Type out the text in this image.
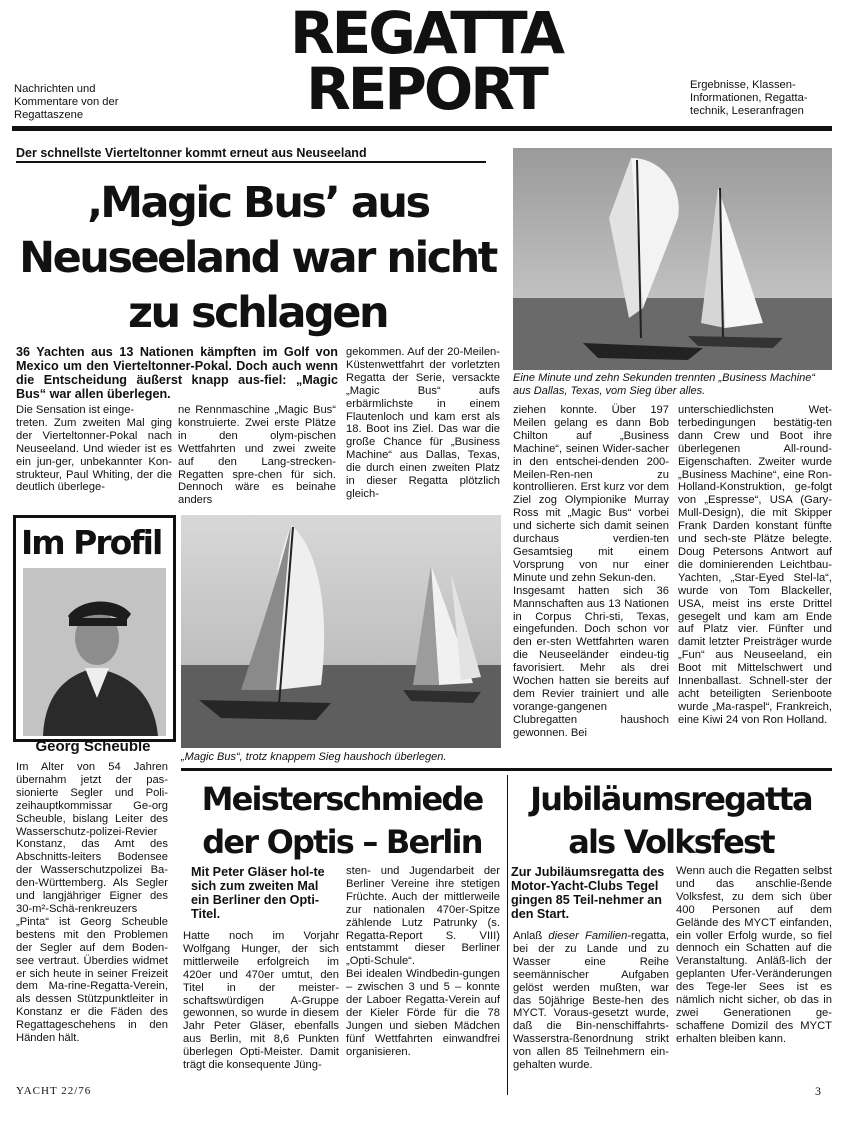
REGATTA
REPORT
Nachrichten und
Kommentare von der
Regattaszene
Ergebnisse, Klassen-
Informationen, Regatta-
technik, Leseranfragen
Der schnellste Vierteltonner kommt erneut aus Neuseeland
‚Magic Bus’ aus
Neuseeland war nicht
zu schlagen
36 Yachten aus 13 Nationen kämpften im Golf von Mexico um den Vierteltonner-Pokal. Doch auch wenn die Entscheidung äußerst knapp aus-fiel: „Magic Bus“ war allen überlegen.
Die Sensation ist einge-
treten. Zum zweiten Mal ging der Vierteltonner-Pokal nach Neuseeland. Und wieder ist es ein jun-ger, unbekannter Kon-strukteur, Paul Whiting, der die deutlich überlege-
ne Rennmaschine „Magic Bus“ konstruierte. Zwei erste Plätze in den olym-pischen Wettfahrten und zwei zweite auf den Lang-strecken-Regatten spre-chen für sich. Dennoch wäre es beinahe anders
gekommen. Auf der 20-Meilen-Küstenwettfahrt der vorletzten Regatta der Serie, versackte „Magic Bus“ aufs erbärmlichste in einem Flautenloch und kam erst als 18. Boot ins Ziel. Das war die große Chance für „Business Machine“ aus Dallas, Texas, die durch einen zweiten Platz in dieser Regatta plötzlich gleich-
ziehen konnte. Über 197 Meilen gelang es dann Bob Chilton auf „Business Machine“, seinen Wider-sacher in den entschei-denden 200-Meilen-Ren-nen zu kontrollieren. Erst kurz vor dem Ziel zog Olympionike Murray Ross mit „Magic Bus“ vorbei und sicherte sich damit seinen durchaus verdien-ten Gesamtsieg mit einem Vorsprung von nur einer Minute und zehn Sekun-den.
Insgesamt hatten sich 36 Mannschaften aus 13 Nationen in Corpus Chri-sti, Texas, eingefunden. Doch schon vor den er-sten Wettfahrten waren die Neuseeländer eindeu-tig favorisiert. Mehr als drei Wochen hatten sie bereits auf dem Revier trainiert und alle vorange-gangenen Clubregatten haushoch gewonnen. Bei
unterschiedlichsten Wet-terbedingungen bestätig-ten dann Crew und Boot ihre überlegenen All-round-Eigenschaften. Zweiter wurde „Business Machine“, eine Ron-Holland-Konstruktion, ge-folgt von „Espresse“, USA (Gary-Mull-Design), die mit Skipper Frank Darden konstant fünfte und sech-ste Plätze belegte. Doug Petersons Antwort auf die dominierenden Leichtbau-Yachten, „Star-Eyed Stel-la“, wurde von Tom Blackeller, USA, meist ins erste Drittel gesegelt und kam am Ende auf Platz vier. Fünfter und damit letzter Preisträger wurde „Fun“ aus Neuseeland, ein Boot mit Mittelschwert und Innenballast. Schnell-ster der acht beteiligten Serienboote wurde „Ma-raspel“, Frankreich, eine Kiwi 24 von Ron Holland.
Eine Minute und zehn Sekunden trennten „Business Machine“ aus Dallas, Texas, vom Sieg über alles.
Im Profil
Georg Scheuble
Im Alter von 54 Jahren übernahm jetzt der pas-sionierte Segler und Poli-zeihauptkommissar Ge-org Scheuble, bislang Leiter des Wasserschutz-polizei-Revier Konstanz, das Amt des Abschnitts-leiters Bodensee der Wasserschutzpolizei Ba-den-Württemberg. Als Segler und langjähriger Eigner des 30-m²-Schä-renkreuzers „Pinta“ ist Georg Scheuble bestens mit den Problemen der Segler auf dem Boden-see vertraut. Überdies widmet er sich heute in seiner Freizeit dem Ma-rine-Regatta-Verein, als dessen Stützpunktleiter in Konstanz er die Fäden des Regattageschehens in den Händen hält.
„Magic Bus“, trotz knappem Sieg haushoch überlegen.
Meisterschmiede
der Optis – Berlin
Mit Peter Gläser hol-te sich zum zweiten Mal ein Berliner den Opti-Titel.
Hatte noch im Vorjahr Wolfgang Hunger, der sich mittlerweile erfolgreich im 420er und 470er umtut, den Titel in der meister-schaftswürdigen A-Gruppe gewonnen, so wurde in diesem Jahr Peter Gläser, ebenfalls aus Berlin, mit 8,6 Punkten überlegen Opti-Meister. Damit trägt die konsequente Jüng-
sten- und Jugendarbeit der Berliner Vereine ihre stetigen Früchte. Auch der mittlerweile zur nationalen 470er-Spitze zählende Lutz Patrunky (s. Regatta-Report S. VIII) entstammt dieser Berliner „Opti-Schule“.
Bei idealen Windbedin-gungen – zwischen 3 und 5 – konnte der Laboer Regatta-Verein auf der Kieler Förde für die 78 Jungen und sieben Mädchen fünf Wettfahrten einwandfrei organisieren.
Jubiläumsregatta
als Volksfest
Zur Jubiläumsregatta des Motor-Yacht-Clubs Tegel gingen 85 Teil-nehmer an den Start.
Anlaß dieser Familien-regatta, bei der zu Lande und zu Wasser eine Reihe seemännischer Aufgaben gelöst werden mußten, war das 50jährige Beste-hen des MYCT. Voraus-gesetzt wurde, daß die Bin-nenschiffahrts-Wasserstra-ßenordnung strikt von allen 85 Teilnehmern ein-gehalten wurde.
Wenn auch die Regatten selbst und das anschlie-ßende Volksfest, zu dem sich über 400 Personen auf dem Gelände des MYCT einfanden, ein voller Erfolg wurde, so fiel dennoch ein Schatten auf die Veranstaltung. Anläß-lich der geplanten Ufer-Veränderungen des Tege-ler Sees ist es nämlich nicht sicher, ob das in zwei Generationen ge-schaffene Domizil des MYCT erhalten bleiben kann.
YACHT 22/76	3
